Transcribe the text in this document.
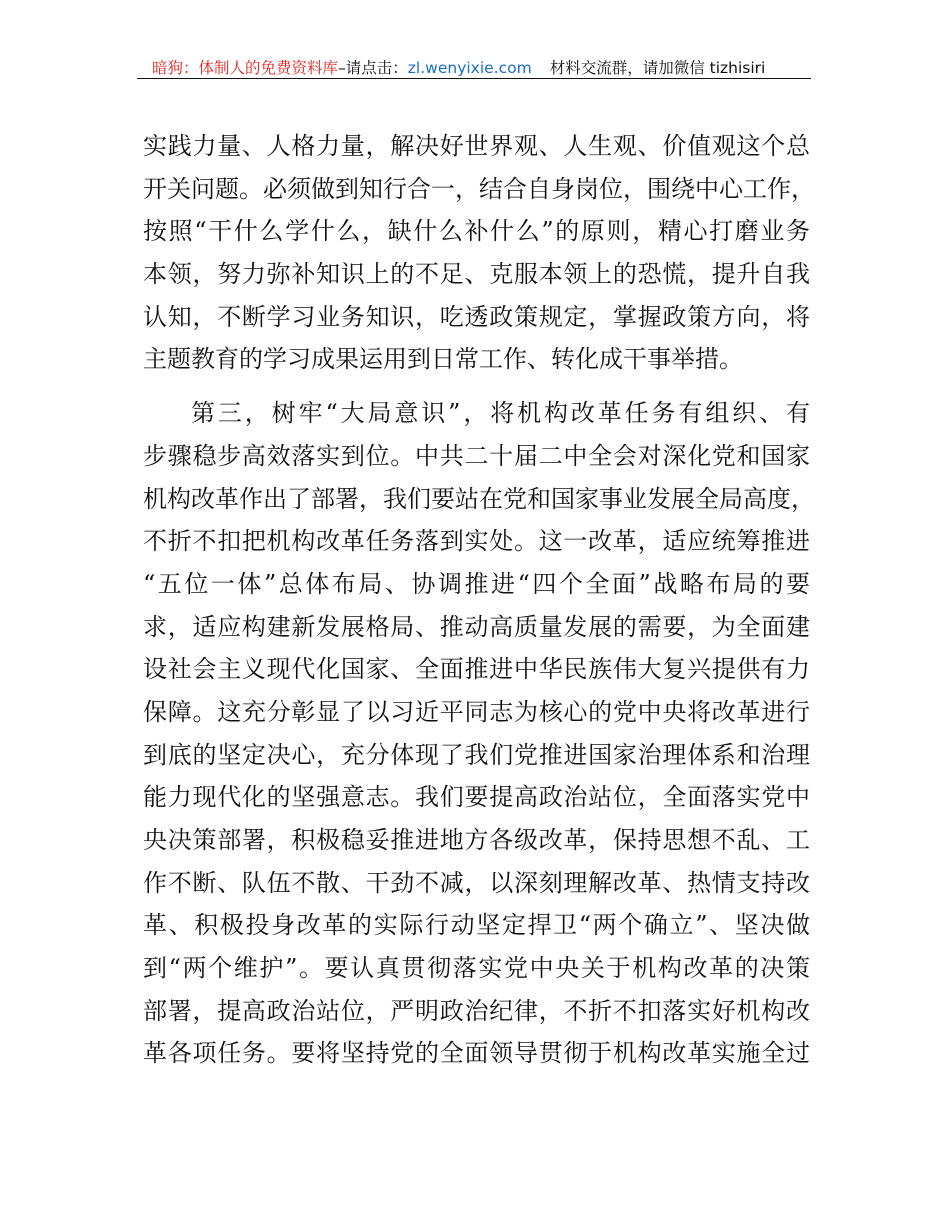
暗狗：体制人的免费资料库–请点击：zl.wenyixie.com 材料交流群，请加微信 tizhisiri
实践力量、人格力量，解决好世界观、人生观、价值观这个总
开关问题。必须做到知行合一，结合自身岗位，围绕中心工作，
按照“干什么学什么，缺什么补什么”的原则，精心打磨业务
本领，努力弥补知识上的不足、克服本领上的恐慌，提升自我
认知，不断学习业务知识，吃透政策规定，掌握政策方向，将
主题教育的学习成果运用到日常工作、转化成干事举措。
第三，树牢“大局意识”，将机构改革任务有组织、有
步骤稳步高效落实到位。中共二十届二中全会对深化党和国家
机构改革作出了部署，我们要站在党和国家事业发展全局高度，
不折不扣把机构改革任务落到实处。这一改革，适应统筹推进
“五位一体”总体布局、协调推进“四个全面”战略布局的要
求，适应构建新发展格局、推动高质量发展的需要，为全面建
设社会主义现代化国家、全面推进中华民族伟大复兴提供有力
保障。这充分彰显了以习近平同志为核心的党中央将改革进行
到底的坚定决心，充分体现了我们党推进国家治理体系和治理
能力现代化的坚强意志。我们要提高政治站位，全面落实党中
央决策部署，积极稳妥推进地方各级改革，保持思想不乱、工
作不断、队伍不散、干劲不减，以深刻理解改革、热情支持改
革、积极投身改革的实际行动坚定捍卫“两个确立”、坚决做
到“两个维护”。要认真贯彻落实党中央关于机构改革的决策
部署，提高政治站位，严明政治纪律，不折不扣落实好机构改
革各项任务。要将坚持党的全面领导贯彻于机构改革实施全过
